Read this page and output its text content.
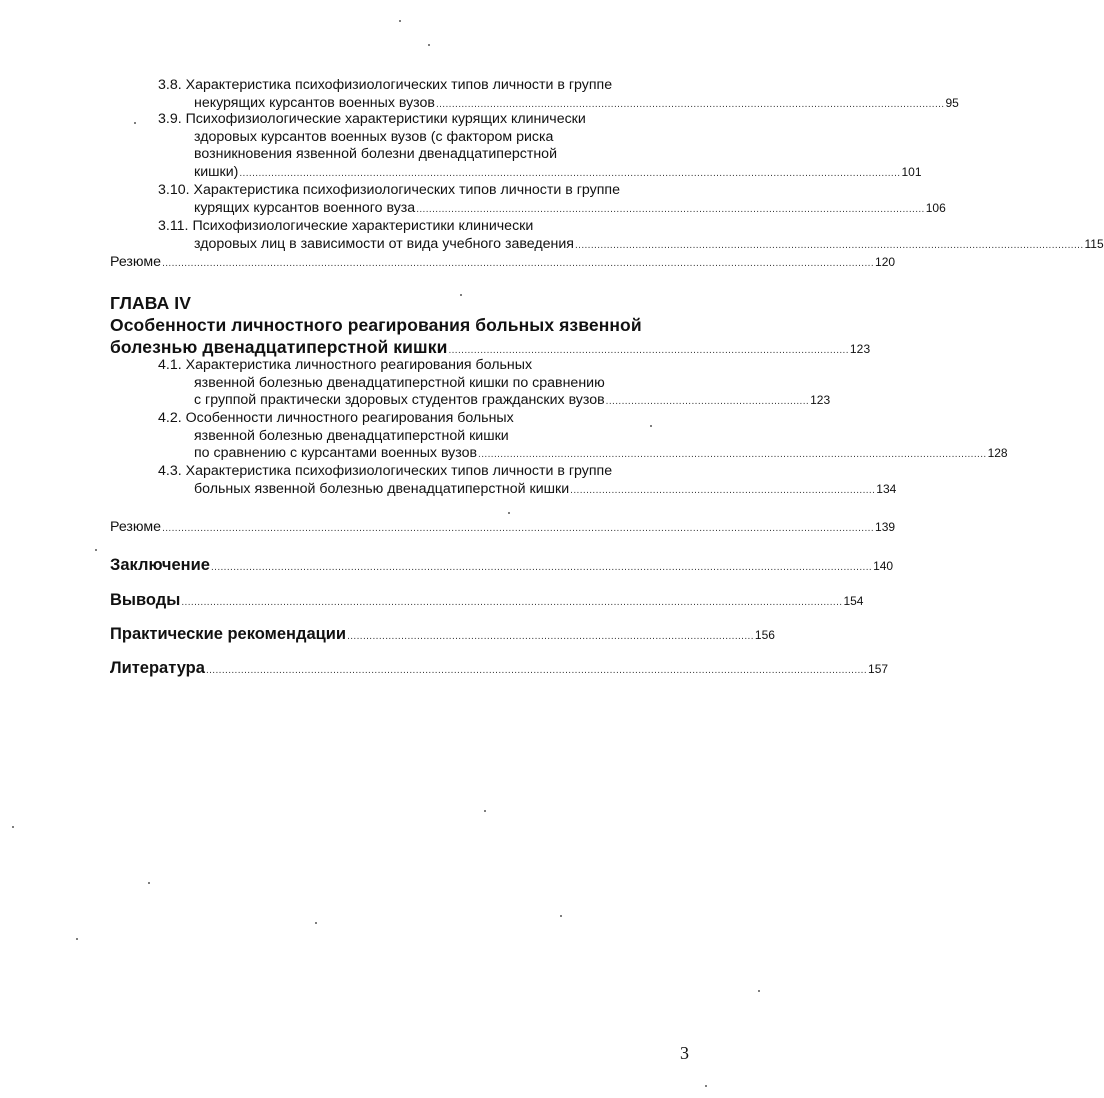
3.8. Характеристика психофизиологических типов личности в группе
некурящих курсантов военных вузов ................................................................................................................................................................ 95
3.9. Психофизиологические характеристики курящих клинически
здоровых курсантов военных вузов (с фактором риска
возникновения язвенной болезни двенадцатиперстной
кишки) ................................................................................................................................................................................................................ 101
3.10. Характеристика психофизиологических типов личности в группе
курящих курсантов военного вуза ................................................................................................................................................................ 106
3.11. Психофизиологические характеристики клинически
здоровых лиц в зависимости от вида учебного заведения ................................................................................................................................................................ 115
Резюме ................................................................................................................................................................................................................................ 120
ГЛАВА IV
Особенности личностного реагирования больных язвенной
болезнью двенадцатиперстной кишки .............................................................................................................................. 123
4.1. Характеристика личностного реагирования больных
язвенной болезнью двенадцатиперстной кишки по сравнению
с группой практически здоровых студентов гражданских вузов ................................................................ 123
4.2. Особенности личностного реагирования больных
язвенной болезнью двенадцатиперстной кишки
по сравнению с курсантами военных вузов ................................................................................................................................................................ 128
4.3. Характеристика психофизиологических типов личности в группе
больных язвенной болезнью двенадцатиперстной кишки ................................................................................................ 134
Резюме ................................................................................................................................................................................................................................ 139
Заключение ................................................................................................................................................................................................................ 140
Выводы ................................................................................................................................................................................................................ 154
Практические рекомендации ................................................................................................................................ 156
Литература ................................................................................................................................................................................................................ 157
3
